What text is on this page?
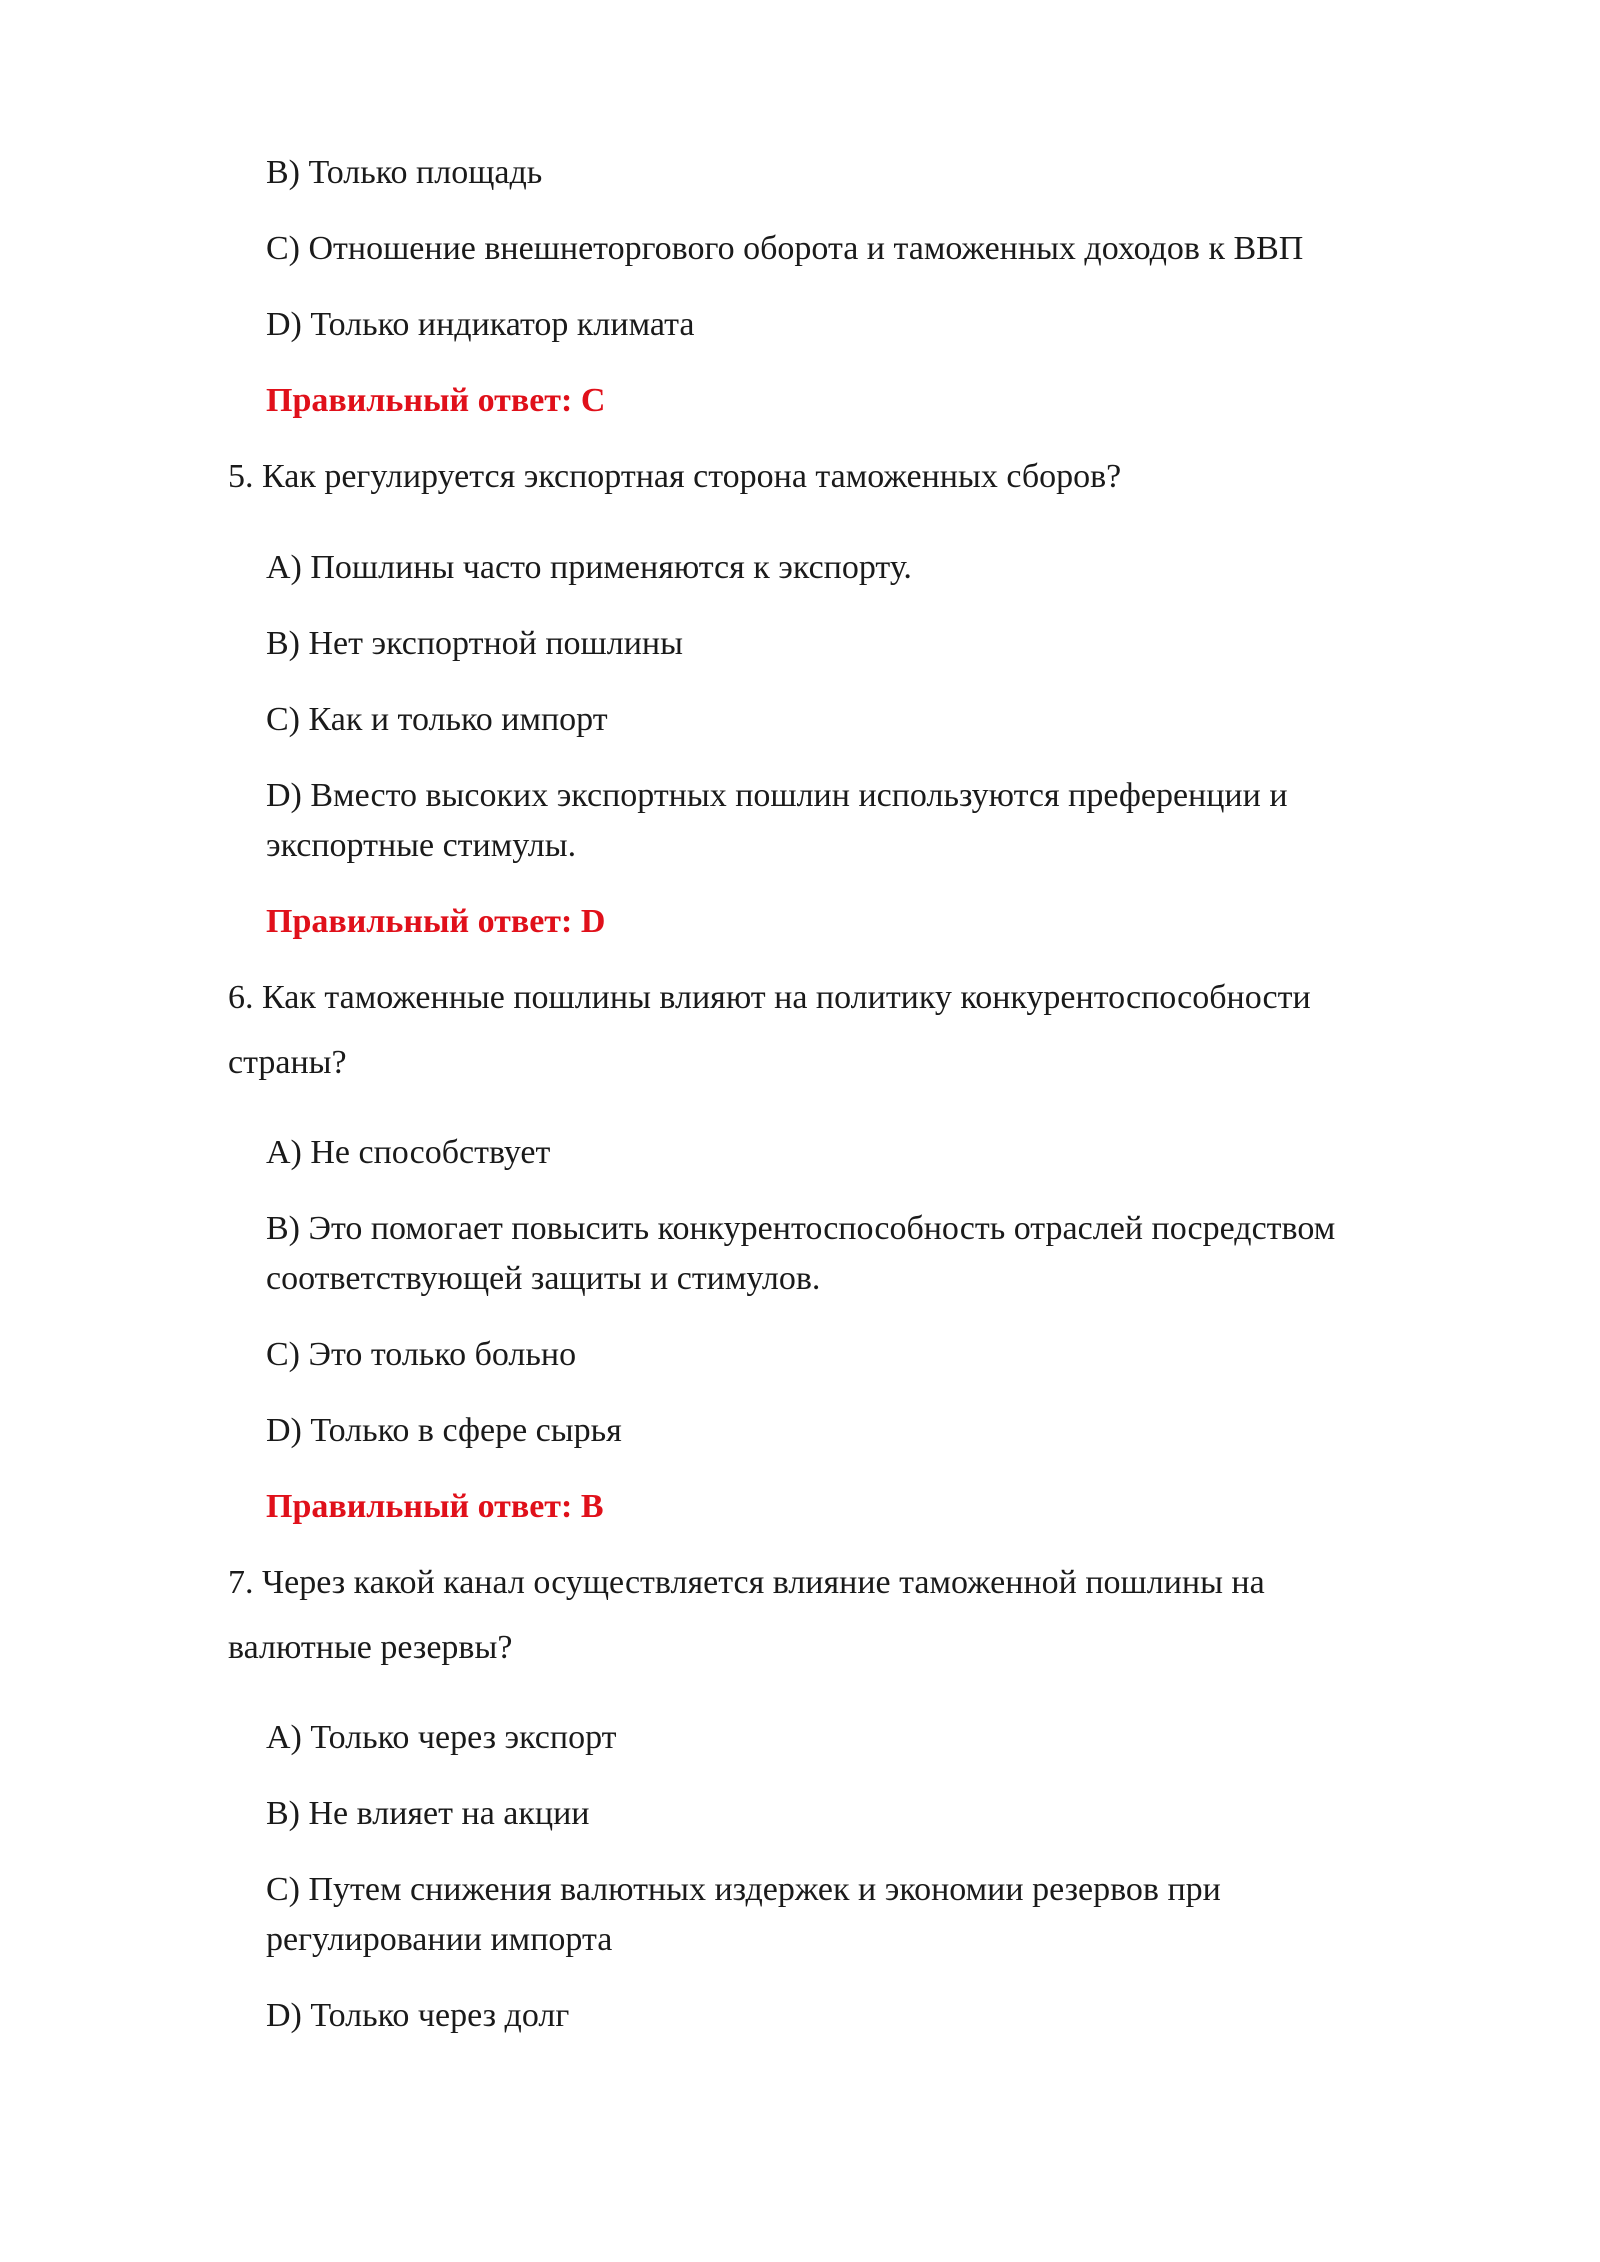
B) Только площадь
C) Отношение внешнеторгового оборота и таможенных доходов к ВВП
D) Только индикатор климата
Правильный ответ: C
5. Как регулируется экспортная сторона таможенных сборов?
A) Пошлины часто применяются к экспорту.
B) Нет экспортной пошлины
C) Как и только импорт
D) Вместо высоких экспортных пошлин используются преференции и
экспортные стимулы.
Правильный ответ: D
6. Как таможенные пошлины влияют на политику конкурентоспособности
страны?
A) Не способствует
B) Это помогает повысить конкурентоспособность отраслей посредством
соответствующей защиты и стимулов.
C) Это только больно
D) Только в сфере сырья
Правильный ответ: B
7. Через какой канал осуществляется влияние таможенной пошлины на
валютные резервы?
A) Только через экспорт
B) Не влияет на акции
C) Путем снижения валютных издержек и экономии резервов при
регулировании импорта
D) Только через долг
